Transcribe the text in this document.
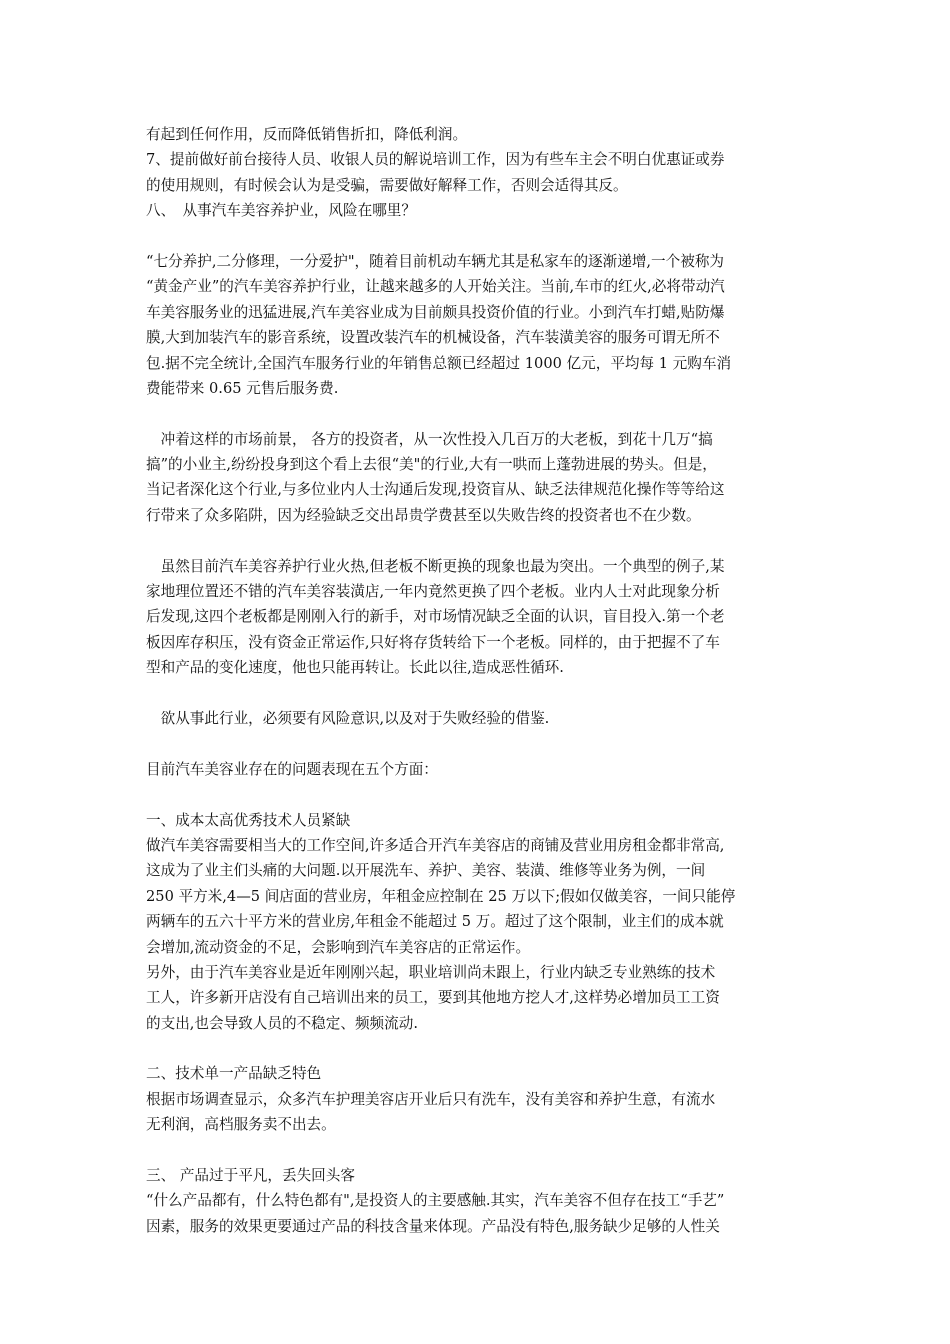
有起到任何作用，反而降低销售折扣，降低利润。
7、提前做好前台接待人员、收银人员的解说培训工作，因为有些车主会不明白优惠证或券
的使用规则，有时候会认为是受骗，需要做好解释工作，否则会适得其反。
八、　从事汽车美容养护业，风险在哪里？
“七分养护,二分修理，一分爱护"，随着目前机动车辆尤其是私家车的逐渐递增,一个被称为
“黄金产业”的汽车美容养护行业，让越来越多的人开始关注。当前,车市的红火,必将带动汽
车美容服务业的迅猛进展,汽车美容业成为目前颇具投资价值的行业。小到汽车打蜡,贴防爆
膜,大到加装汽车的影音系统，设置改装汽车的机械设备，汽车装潢美容的服务可谓无所不
包.据不完全统计,全国汽车服务行业的年销售总额已经超过 1000 亿元，平均每 1 元购车消
费能带来 0.65 元售后服务费.
　冲着这样的市场前景， 各方的投资者，从一次性投入几百万的大老板，到花十几万“搞
搞”的小业主,纷纷投身到这个看上去很“美"的行业,大有一哄而上蓬勃进展的势头。但是，
当记者深化这个行业,与多位业内人士沟通后发现,投资盲从、缺乏法律规范化操作等等给这
行带来了众多陷阱，因为经验缺乏交出昂贵学费甚至以失败告终的投资者也不在少数。
　虽然目前汽车美容养护行业火热,但老板不断更换的现象也最为突出。一个典型的例子,某
家地理位置还不错的汽车美容装潢店,一年内竟然更换了四个老板。业内人士对此现象分析
后发现,这四个老板都是刚刚入行的新手，对市场情况缺乏全面的认识，盲目投入.第一个老
板因库存积压，没有资金正常运作,只好将存货转给下一个老板。同样的，由于把握不了车
型和产品的变化速度，他也只能再转让。长此以往,造成恶性循环.
　欲从事此行业，必须要有风险意识,以及对于失败经验的借鉴.
目前汽车美容业存在的问题表现在五个方面：
一、成本太高优秀技术人员紧缺
做汽车美容需要相当大的工作空间,许多适合开汽车美容店的商铺及营业用房租金都非常高,
这成为了业主们头痛的大问题.以开展洗车、养护、美容、装潢、维修等业务为例，一间
250 平方米,4—5 间店面的营业房，年租金应控制在 25 万以下;假如仅做美容，一间只能停
两辆车的五六十平方米的营业房,年租金不能超过 5 万。超过了这个限制，业主们的成本就
会增加,流动资金的不足，会影响到汽车美容店的正常运作。
另外，由于汽车美容业是近年刚刚兴起，职业培训尚未跟上，行业内缺乏专业熟练的技术
工人，许多新开店没有自己培训出来的员工，要到其他地方挖人才,这样势必增加员工工资
的支出,也会导致人员的不稳定、频频流动.
二、技术单一产品缺乏特色
根据市场调查显示，众多汽车护理美容店开业后只有洗车，没有美容和养护生意，有流水
无利润，高档服务卖不出去。
三、 产品过于平凡，丢失回头客
“什么产品都有，什么特色都有",是投资人的主要感触.其实，汽车美容不但存在技工“手艺”
因素，服务的效果更要通过产品的科技含量来体现。产品没有特色,服务缺少足够的人性关
